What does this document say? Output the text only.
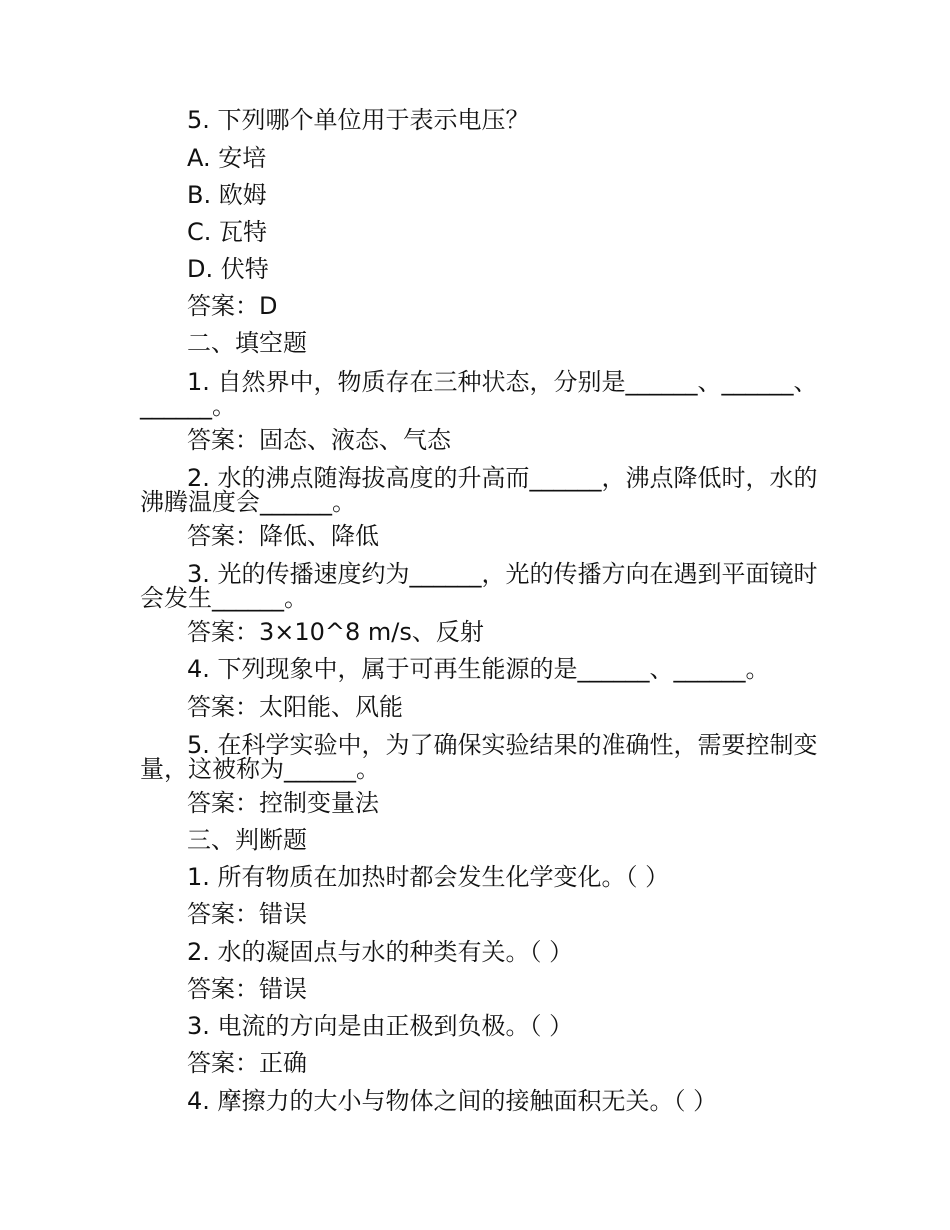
5. 下列哪个单位用于表示电压？
A. 安培
B. 欧姆
C. 瓦特
D. 伏特
答案：D
二、填空题
1. 自然界中，物质存在三种状态，分别是______、______、______。
答案：固态、液态、气态
2. 水的沸点随海拔高度的升高而______，沸点降低时，水的沸腾温度会______。
答案：降低、降低
3. 光的传播速度约为______，光的传播方向在遇到平面镜时会发生______。
答案：3×10^8 m/s、反射
4. 下列现象中，属于可再生能源的是______、______。
答案：太阳能、风能
5. 在科学实验中，为了确保实验结果的准确性，需要控制变量，这被称为______。
答案：控制变量法
三、判断题
1. 所有物质在加热时都会发生化学变化。（ ）
答案：错误
2. 水的凝固点与水的种类有关。（ ）
答案：错误
3. 电流的方向是由正极到负极。（ ）
答案：正确
4. 摩擦力的大小与物体之间的接触面积无关。（ ）
